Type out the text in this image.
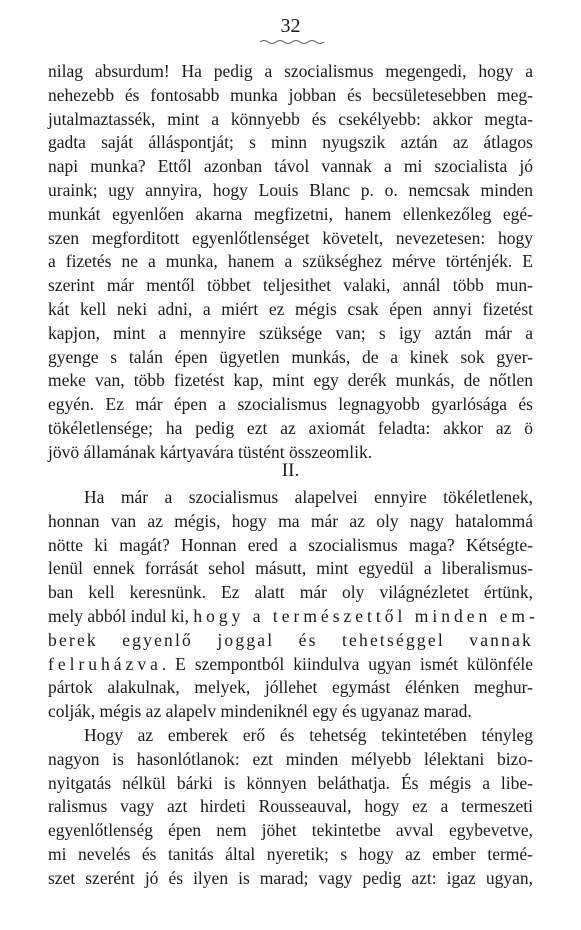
32
nilag absurdum! Ha pedig a szocialismus megengedi, hogy a
nehezebb és fontosabb munka jobban és becsületesebben meg-
jutalmaztassék, mint a könnyebb és csekélyebb: akkor megta-
gadta saját álláspontját; s minn nyugszik aztán az átlagos
napi munka? Ettől azonban távol vannak a mi szocialista jó
uraink; ugy annyira, hogy Louis Blanc p. o. nemcsak minden
munkát egyenlően akarna megfizetni, hanem ellenkezőleg egé-
szen megforditott egyenlőtlenséget követelt, nevezetesen: hogy
a fizetés ne a munka, hanem a szükséghez mérve történjék. E
szerint már mentől többet teljesithet valaki, annál több mun-
kát kell neki adni, a miért ez mégis csak épen annyi fizetést
kapjon, mint a mennyire szüksége van; s igy aztán már a
gyenge s talán épen ügyetlen munkás, de a kinek sok gyer-
meke van, több fizetést kap, mint egy derék munkás, de nőtlen
egyén. Ez már épen a szocialismus legnagyobb gyarlósága és
tökéletlensége; ha pedig ezt az axiomát feladta: akkor az ö
jövö államának kártyavára tüstént összeomlik.
II.
Ha már a szocialismus alapelvei ennyire tökéletlenek,
honnan van az mégis, hogy ma már az oly nagy hatalommá
nötte ki magát? Honnan ered a szocialismus maga? Kétségte-
lenül ennek forrását sehol másutt, mint egyedül a liberalismus-
ban kell keresnünk. Ez alatt már oly világnézletet értünk,
mely abból indul ki, hogy a természettől minden em-
berek egyenlő joggal és tehetséggel vannak
felruházva. E szempontból kiindulva ugyan ismét különféle
pártok alakulnak, melyek, jóllehet egymást élénken meghur-
colják, mégis az alapelv mindeniknél egy és ugyanaz marad.
Hogy az emberek erő és tehetség tekintetében tényleg
nagyon is hasonlótlanok: ezt minden mélyebb lélektani bizo-
nyitgatás nélkül bárki is könnyen beláthatja. És mégis a libe-
ralismus vagy azt hirdeti Rousseauval, hogy ez a termeszeti
egyenlőtlenség épen nem jöhet tekintetbe avval egybevetve,
mi nevelés és tanitás által nyeretik; s hogy az ember termé-
szet szerént jó és ilyen is marad; vagy pedig azt: igaz ugyan,
